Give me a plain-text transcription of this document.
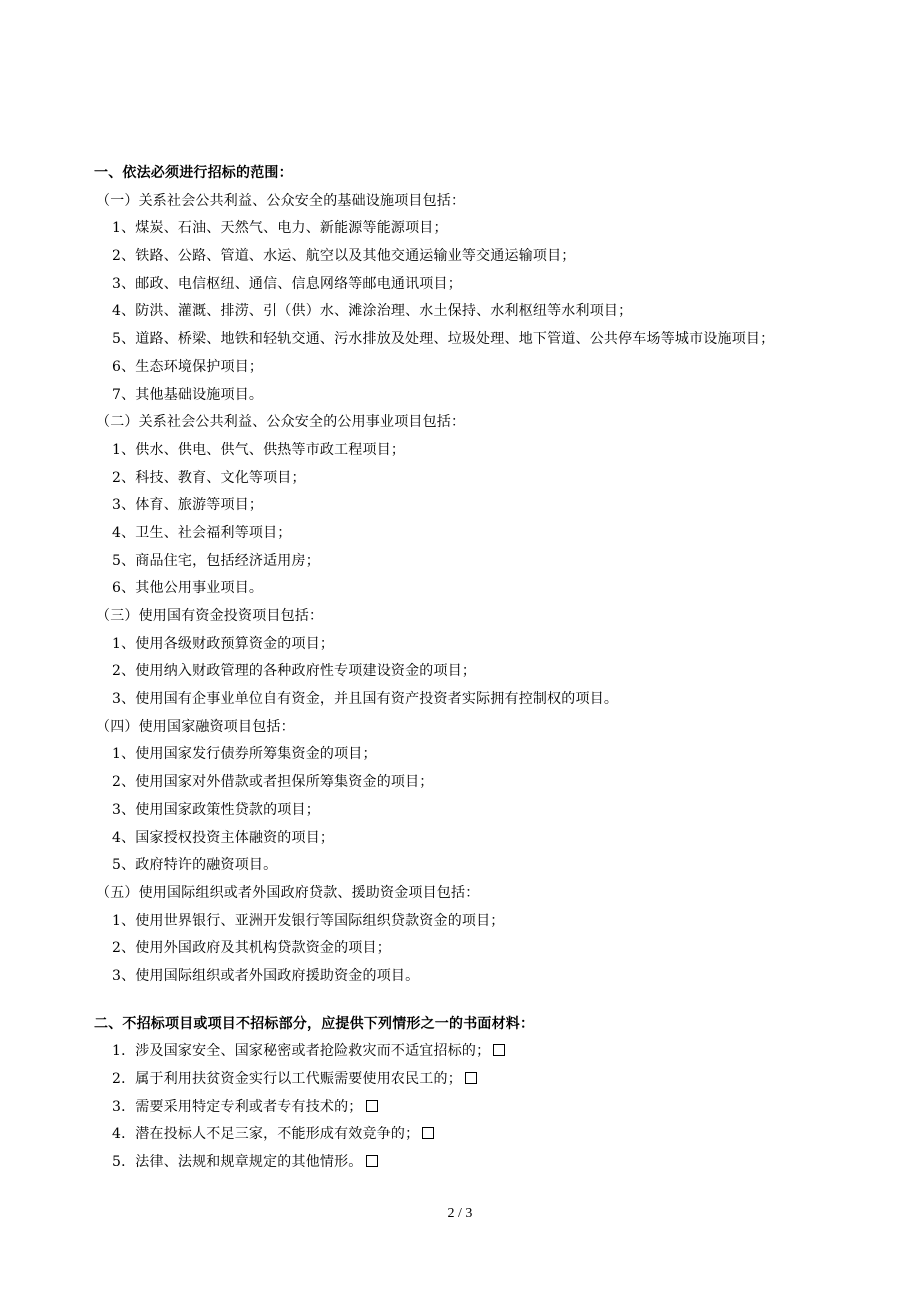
一、依法必须进行招标的范围：
（一）关系社会公共利益、公众安全的基础设施项目包括：
1、煤炭、石油、天然气、电力、新能源等能源项目；
2、铁路、公路、管道、水运、航空以及其他交通运输业等交通运输项目；
3、邮政、电信枢纽、通信、信息网络等邮电通讯项目；
4、防洪、灌溉、排涝、引（供）水、滩涂治理、水土保持、水利枢纽等水利项目；
5、道路、桥梁、地铁和轻轨交通、污水排放及处理、垃圾处理、地下管道、公共停车场等城市设施项目；
6、生态环境保护项目；
7、其他基础设施项目。
（二）关系社会公共利益、公众安全的公用事业项目包括：
1、供水、供电、供气、供热等市政工程项目；
2、科技、教育、文化等项目；
3、体育、旅游等项目；
4、卫生、社会福利等项目；
5、商品住宅，包括经济适用房；
6、其他公用事业项目。
（三）使用国有资金投资项目包括：
1、使用各级财政预算资金的项目；
2、使用纳入财政管理的各种政府性专项建设资金的项目；
3、使用国有企事业单位自有资金，并且国有资产投资者实际拥有控制权的项目。
（四）使用国家融资项目包括：
1、使用国家发行债券所筹集资金的项目；
2、使用国家对外借款或者担保所筹集资金的项目；
3、使用国家政策性贷款的项目；
4、国家授权投资主体融资的项目；
5、政府特许的融资项目。
（五）使用国际组织或者外国政府贷款、援助资金项目包括：
1、使用世界银行、亚洲开发银行等国际组织贷款资金的项目；
2、使用外国政府及其机构贷款资金的项目；
3、使用国际组织或者外国政府援助资金的项目。
二、不招标项目或项目不招标部分，应提供下列情形之一的书面材料：
1．涉及国家安全、国家秘密或者抢险救灾而不适宜招标的；
2．属于利用扶贫资金实行以工代赈需要使用农民工的；
3．需要采用特定专利或者专有技术的；
4．潜在投标人不足三家，不能形成有效竞争的；
5．法律、法规和规章规定的其他情形。
2 / 3
